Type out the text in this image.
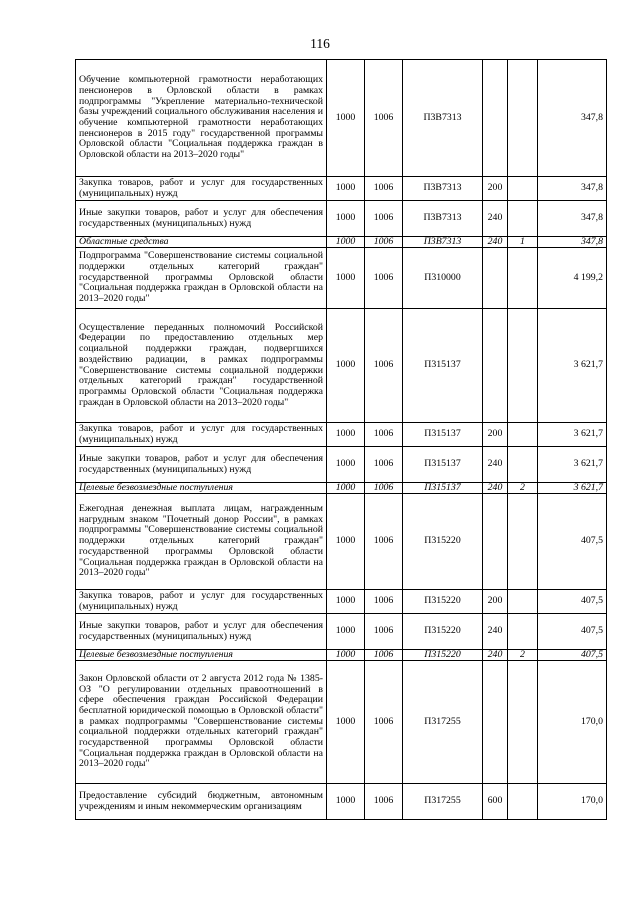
116
Обучение компьютерной грамотности неработающих пенсионеров в Орловской области в рамках подпрограммы "Укрепление материально-технической базы учреждений социального обслуживания населения и обучение компьютерной грамотности неработающих пенсионеров в 2015 году" государственной программы Орловской области "Социальная поддержка граждан в Орловской области на 2013–2020 годы"	1000	1006	П3В7313			347,8
Закупка товаров, работ и услуг для государственных (муниципальных) нужд	1000	1006	П3В7313	200		347,8
Иные закупки товаров, работ и услуг для обеспечения государственных (муниципальных) нужд	1000	1006	П3В7313	240		347,8
Областные средства	1000	1006	П3В7313	240	1	347,8
Подпрограмма "Совершенствование системы социальной поддержки отдельных категорий граждан" государственной программы Орловской области "Социальная поддержка граждан в Орловской области на 2013–2020 годы"	1000	1006	П310000			4 199,2
Осуществление переданных полномочий Российской Федерации по предоставлению отдельных мер социальной поддержки граждан, подвергшихся воздействию радиации, в рамках подпрограммы "Совершенствование системы социальной поддержки отдельных категорий граждан" государственной программы Орловской области "Социальная поддержка граждан в Орловской области на 2013–2020 годы"	1000	1006	П315137			3 621,7
Закупка товаров, работ и услуг для государственных (муниципальных) нужд	1000	1006	П315137	200		3 621,7
Иные закупки товаров, работ и услуг для обеспечения государственных (муниципальных) нужд	1000	1006	П315137	240		3 621,7
Целевые безвозмездные поступления	1000	1006	П315137	240	2	3 621,7
Ежегодная денежная выплата лицам, награжденным нагрудным знаком "Почетный донор России", в рамках подпрограммы "Совершенствование системы социальной поддержки отдельных категорий граждан" государственной программы Орловской области "Социальная поддержка граждан в Орловской области на 2013–2020 годы"	1000	1006	П315220			407,5
Закупка товаров, работ и услуг для государственных (муниципальных) нужд	1000	1006	П315220	200		407,5
Иные закупки товаров, работ и услуг для обеспечения государственных (муниципальных) нужд	1000	1006	П315220	240		407,5
Целевые безвозмездные поступления	1000	1006	П315220	240	2	407,5
Закон Орловской области от 2 августа 2012 года № 1385-ОЗ "О регулировании отдельных правоотношений в сфере обеспечения граждан Российской Федерации бесплатной юридической помощью в Орловской области" в рамках подпрограммы "Совершенствование системы социальной поддержки отдельных категорий граждан" государственной программы Орловской области "Социальная поддержка граждан в Орловской области на 2013–2020 годы"	1000	1006	П317255			170,0
Предоставление субсидий бюджетным, автономным учреждениям и иным некоммерческим организациям	1000	1006	П317255	600		170,0
